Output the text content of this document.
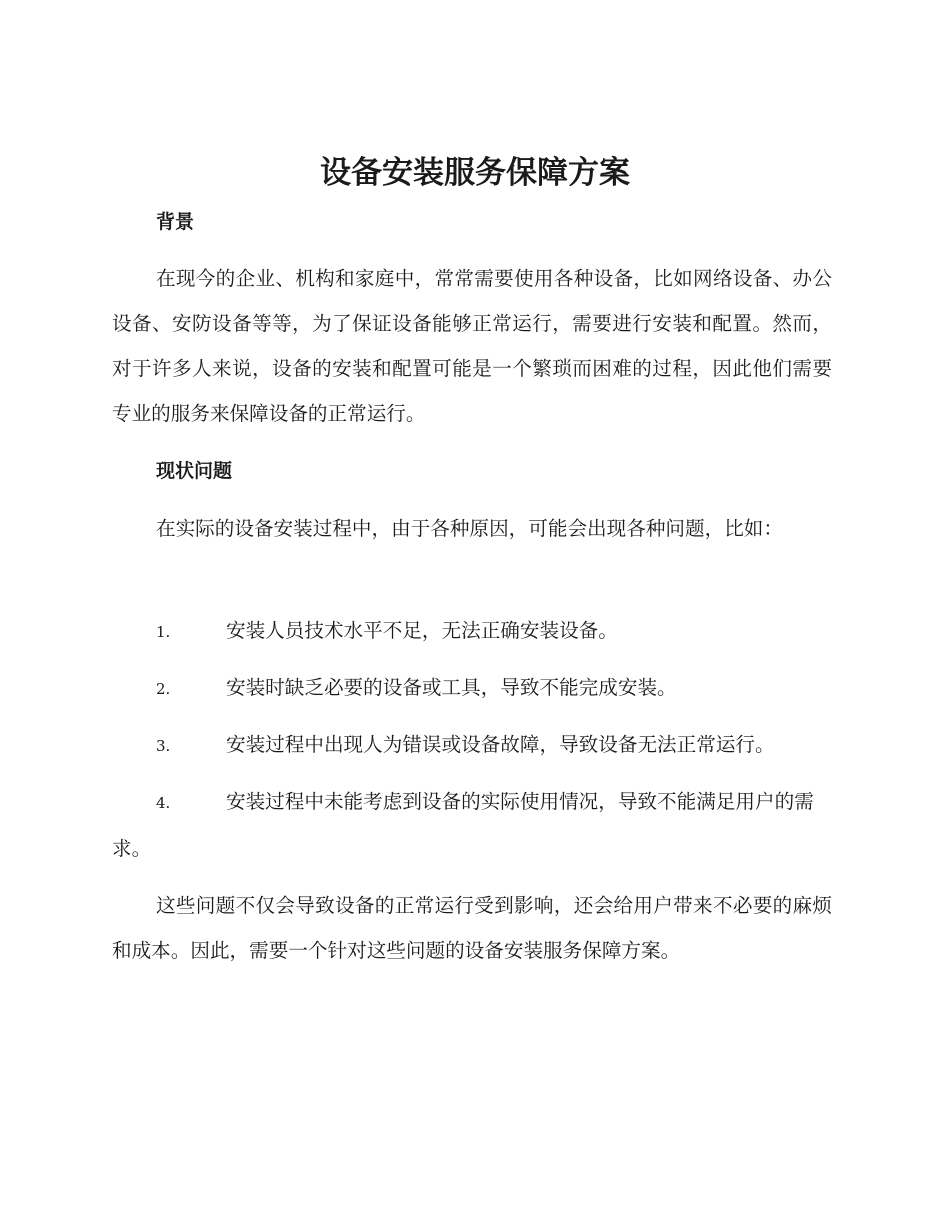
设备安装服务保障方案
背景

在现今的企业、机构和家庭中，常常需要使用各种设备，比如网络设备、办公设备、安防设备等等，为了保证设备能够正常运行，需要进行安装和配置。然而，对于许多人来说，设备的安装和配置可能是一个繁琐而困难的过程，因此他们需要专业的服务来保障设备的正常运行。

现状问题

在实际的设备安装过程中，由于各种原因，可能会出现各种问题，比如：

1.	安装人员技术水平不足，无法正确安装设备。
2.	安装时缺乏必要的设备或工具，导致不能完成安装。
3.	安装过程中出现人为错误或设备故障，导致设备无法正常运行。
4.	安装过程中未能考虑到设备的实际使用情况，导致不能满足用户的需求。

这些问题不仅会导致设备的正常运行受到影响，还会给用户带来不必要的麻烦和成本。因此，需要一个针对这些问题的设备安装服务保障方案。
